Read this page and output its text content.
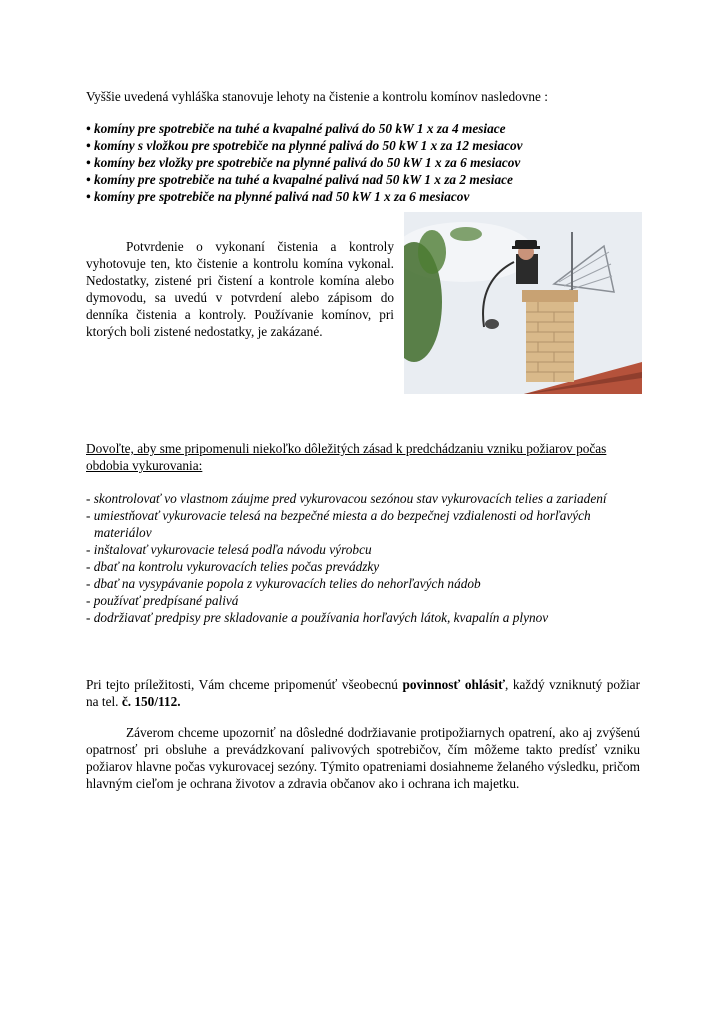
Vyššie uvedená vyhláška stanovuje lehoty na čistenie a kontrolu komínov nasledovne :

• komíny pre spotrebiče na tuhé a kvapalné palivá do 50 kW 1 x za 4 mesiace
• komíny s vložkou pre spotrebiče na plynné palivá do 50 kW 1 x za 12 mesiacov
• komíny bez vložky pre spotrebiče na plynné palivá do 50 kW 1 x za 6 mesiacov
• komíny pre spotrebiče na tuhé a kvapalné palivá nad 50 kW 1 x za 2 mesiace
• komíny pre spotrebiče na plynné palivá nad 50 kW 1 x za 6 mesiacov

Potvrdenie o vykonaní čistenia a kontroly vyhotovuje ten, kto čistenie a kontrolu komína vykonal. Nedostatky, zistené pri čistení a kontrole komína alebo dymovodu, sa uvedú v potvrdení alebo zápisom do denníka čistenia a kontroly. Používanie komínov, pri ktorých boli zistené nedostatky, je zakázané.

Dovoľte, aby sme pripomenuli niekoľko dôležitých zásad k predchádzaniu vzniku požiarov počas obdobia vykurovania:

- skontrolovať vo vlastnom záujme pred vykurovacou sezónou stav vykurovacích telies a zariadení
- umiestňovať vykurovacie telesá na bezpečné miesta a do bezpečnej vzdialenosti od horľavých materiálov
- inštalovať vykurovacie telesá podľa návodu výrobcu
- dbať na kontrolu vykurovacích telies počas prevádzky
- dbať na vysypávanie popola z vykurovacích telies do nehorľavých nádob
- používať predpísané palivá
- dodržiavať predpisy pre skladovanie a používania horľavých látok, kvapalín a plynov

Pri tejto príležitosti, Vám chceme pripomenúť všeobecnú povinnosť ohlásiť, každý vzniknutý požiar na tel. č. 150/112.

Záverom chceme upozorniť na dôsledné dodržiavanie protipožiarnych opatrení, ako aj zvýšenú opatrnosť pri obsluhe a prevádzkovaní palivových spotrebičov, čím môžeme takto predísť vzniku požiarov hlavne počas vykurovacej sezóny. Týmito opatreniami dosiahneme želaného výsledku, pričom hlavným cieľom je ochrana životov a zdravia občanov ako i ochrana ich majetku.
